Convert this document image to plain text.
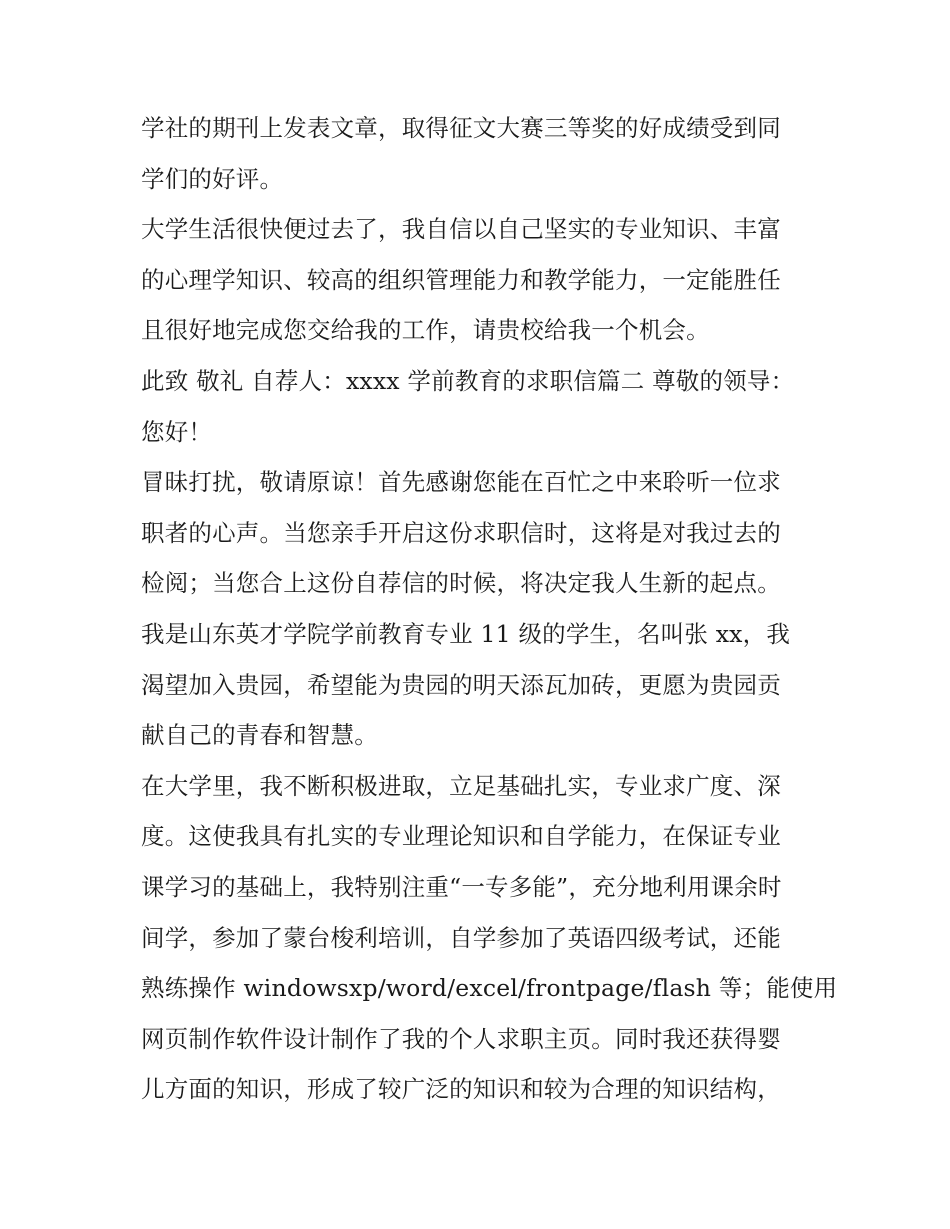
学社的期刊上发表文章，取得征文大赛三等奖的好成绩受到同
学们的好评。
大学生活很快便过去了，我自信以自己坚实的专业知识、丰富
的心理学知识、较高的组织管理能力和教学能力，一定能胜任
且很好地完成您交给我的工作，请贵校给我一个机会。
此致 敬礼 自荐人：xxxx 学前教育的求职信篇二 尊敬的领导：
您好！
冒昧打扰，敬请原谅！首先感谢您能在百忙之中来聆听一位求
职者的心声。当您亲手开启这份求职信时，这将是对我过去的
检阅；当您合上这份自荐信的时候，将决定我人生新的起点。
我是山东英才学院学前教育专业 11 级的学生，名叫张 xx，我
渴望加入贵园，希望能为贵园的明天添瓦加砖，更愿为贵园贡
献自己的青春和智慧。
在大学里，我不断积极进取，立足基础扎实，专业求广度、深
度。这使我具有扎实的专业理论知识和自学能力，在保证专业
课学习的基础上，我特别注重“一专多能”，充分地利用课余时
间学，参加了蒙台梭利培训，自学参加了英语四级考试，还能
熟练操作 windowsxp/word/excel/frontpage/flash 等；能使用
网页制作软件设计制作了我的个人求职主页。同时我还获得婴
儿方面的知识，形成了较广泛的知识和较为合理的知识结构，
